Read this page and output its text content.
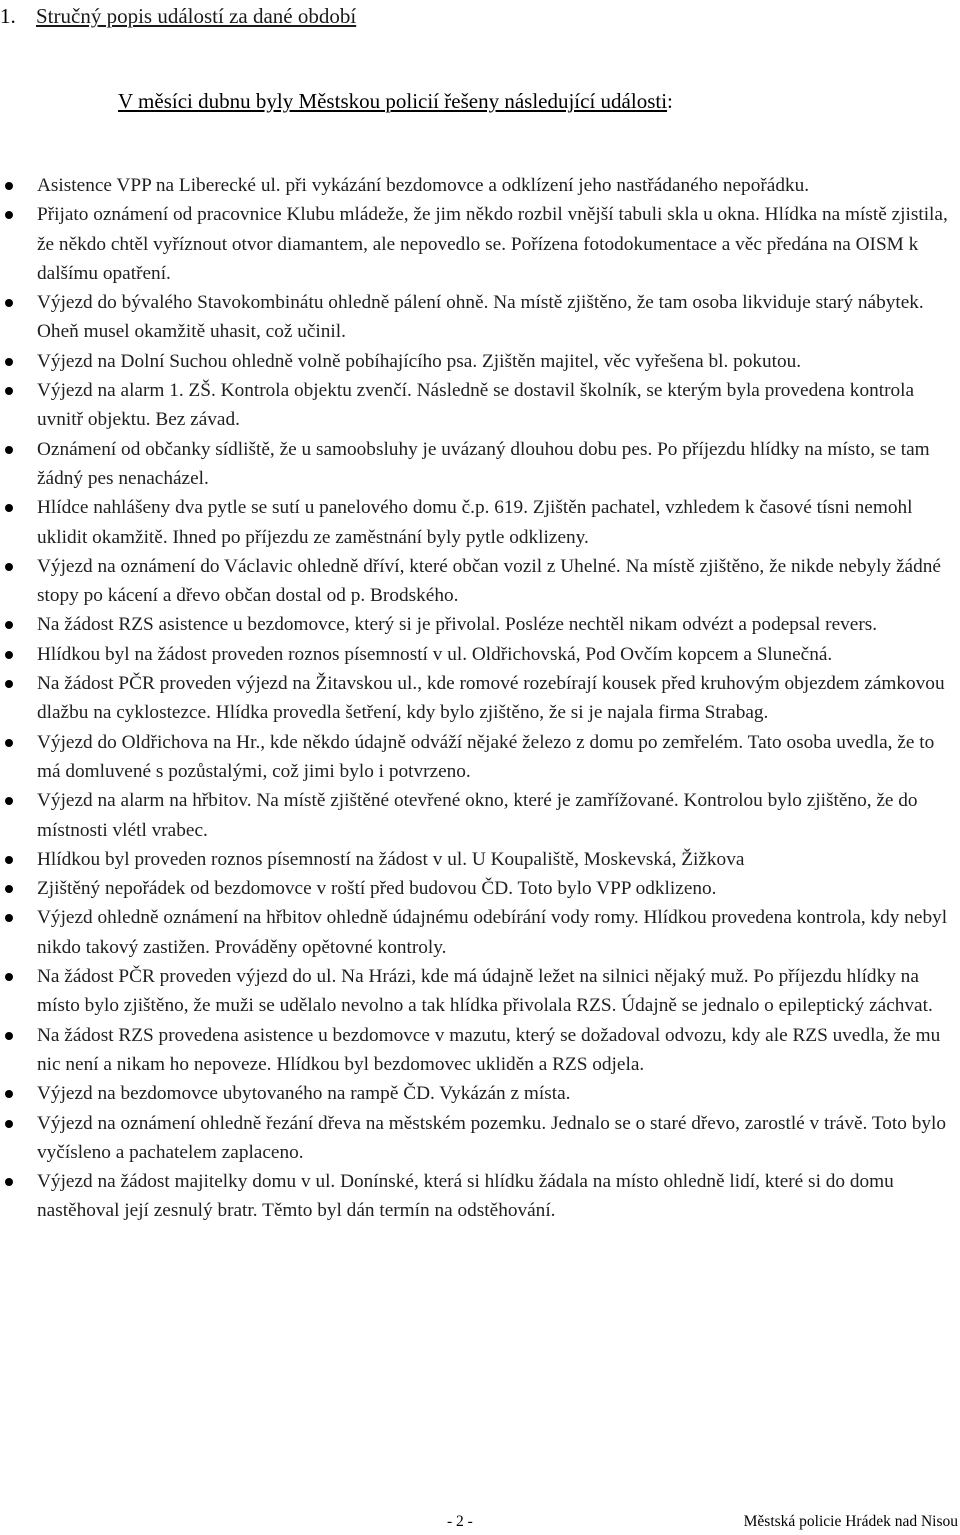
1. Stručný popis událostí za dané období
V měsíci dubnu byly Městskou policií řešeny následující události:
Asistence VPP na Liberecké ul. při vykázání bezdomovce a odklízení jeho nastřádaného nepořádku.
Přijato oznámení od pracovnice Klubu mládeže, že jim někdo rozbil vnější tabuli skla u okna. Hlídka na místě zjistila, že někdo chtěl vyříznout otvor diamantem, ale nepovedlo se. Pořízena fotodokumentace a věc předána na OISM k dalšímu opatření.
Výjezd do bývalého Stavokombinátu ohledně pálení ohně. Na místě zjištěno, že tam osoba likviduje starý nábytek. Oheň musel okamžitě uhasit, což učinil.
Výjezd na Dolní Suchou ohledně volně pobíhajícího psa. Zjištěn majitel, věc vyřešena bl. pokutou.
Výjezd na alarm 1. ZŠ. Kontrola objektu zvenčí. Následně se dostavil školník, se kterým byla provedena kontrola uvnitř objektu. Bez závad.
Oznámení od občanky sídliště, že u samoobsluhy je uvázaný dlouhou dobu pes. Po příjezdu hlídky na místo, se tam žádný pes nenacházel.
Hlídce nahlášeny dva pytle se sutí u panelového domu č.p. 619. Zjištěn pachatel, vzhledem k časové tísni nemohl uklidit okamžitě. Ihned po příjezdu ze zaměstnání byly pytle odklizeny.
Výjezd na oznámení do Václavic ohledně dříví, které občan vozil z Uhelné. Na místě zjištěno, že nikde nebyly žádné stopy po kácení a dřevo občan dostal od p. Brodského.
Na žádost RZS asistence u bezdomovce, který si je přivolal. Posléze nechtěl nikam odvézt a podepsal revers.
Hlídkou byl na žádost proveden roznos písemností v ul. Oldřichovská, Pod Ovčím kopcem a Slunečná.
Na žádost PČR proveden výjezd na Žitavskou ul., kde romové rozebírají kousek před kruhovým objezdem zámkovou dlažbu na cyklostezce. Hlídka provedla šetření, kdy bylo zjištěno, že si je najala firma Strabag.
Výjezd do Oldřichova na Hr., kde někdo údajně odváží nějaké železo z domu po zemřelém. Tato osoba uvedla, že to má domluvené s pozůstalými, což jimi bylo i potvrzeno.
Výjezd na alarm na hřbitov. Na místě zjištěné otevřené okno, které je zamřížované. Kontrolou bylo zjištěno, že do místnosti vlétl vrabec.
Hlídkou byl proveden roznos písemností na žádost v ul. U Koupaliště, Moskevská, Žižkova
Zjištěný nepořádek od bezdomovce v roští před budovou ČD. Toto bylo VPP odklizeno.
Výjezd ohledně oznámení na hřbitov ohledně údajnému odebírání vody romy. Hlídkou provedena kontrola, kdy nebyl nikdo takový zastižen. Prováděny opětovné kontroly.
Na žádost PČR proveden výjezd do ul. Na Hrázi, kde má údajně ležet na silnici nějaký muž. Po příjezdu hlídky na místo bylo zjištěno, že muži se udělalo nevolno a tak hlídka přivolala RZS. Údajně se jednalo o epileptický záchvat.
Na žádost RZS provedena asistence u bezdomovce v mazutu, který se dožadoval odvozu, kdy ale RZS uvedla, že mu nic není a nikam ho nepoveze. Hlídkou byl bezdomovec ukliděn a RZS odjela.
Výjezd na bezdomovce ubytovaného na rampě ČD. Vykázán z místa.
Výjezd na oznámení ohledně řezání dřeva na městském pozemku. Jednalo se o staré dřevo, zarostlé v trávě. Toto bylo vyčísleno a pachatelem zaplaceno.
Výjezd na žádost majitelky domu v ul. Donínské, která si hlídku žádala na místo ohledně lidí, které si do domu nastěhoval její zesnulý bratr. Těmto byl dán termín na odstěhování.
- 2 -	Městská policie Hrádek nad Nisou
